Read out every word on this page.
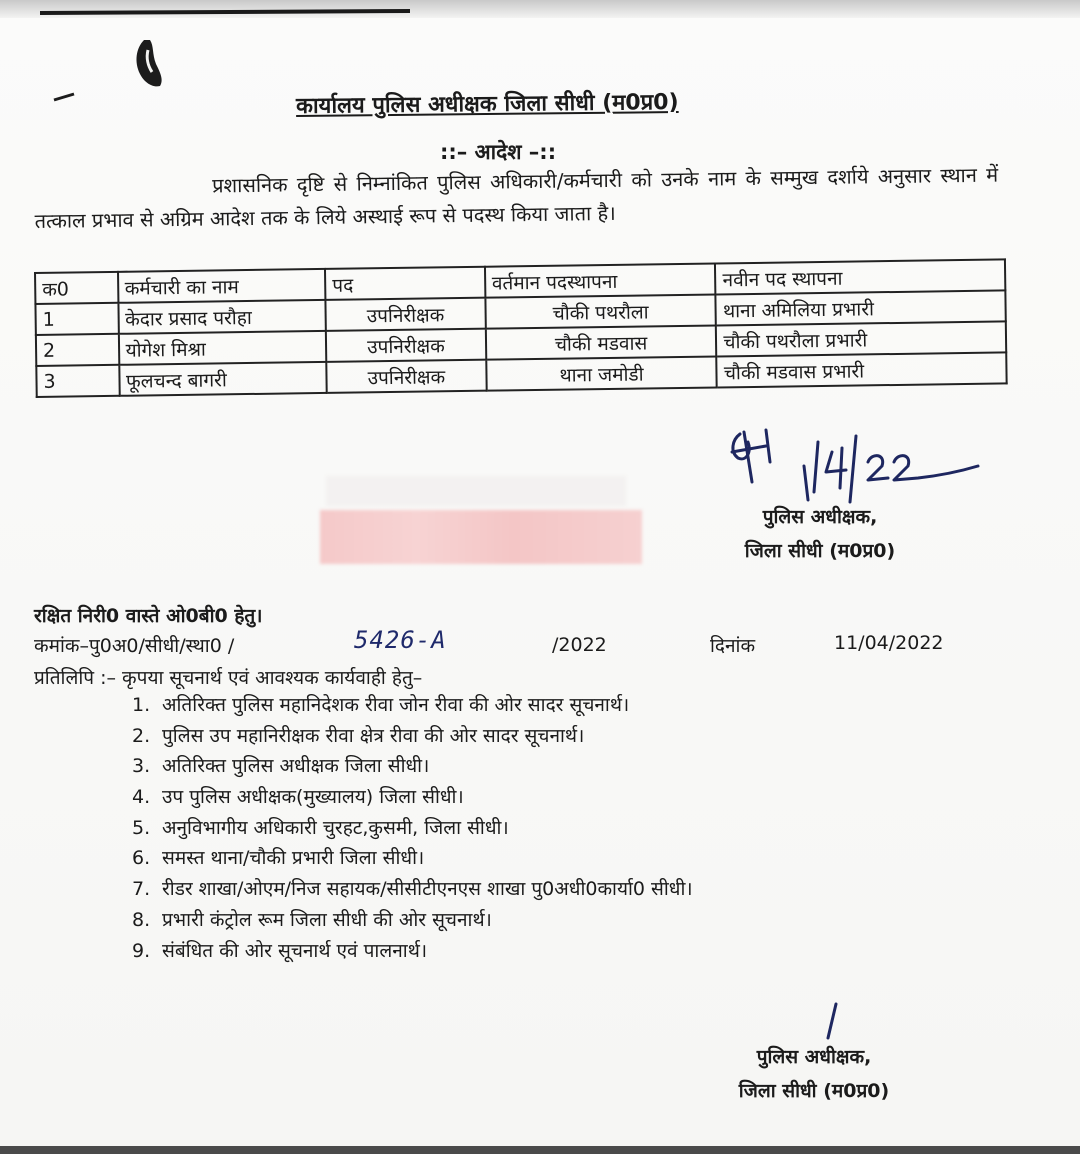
कार्यालय पुलिस अधीक्षक जिला सीधी (म0प्र0)
::– आदेश –::
प्रशासनिक दृष्टि से निम्नांकित पुलिस अधिकारी/कर्मचारी को उनके नाम के सम्मुख दर्शाये अनुसार स्थान में तत्काल प्रभाव से अग्रिम आदेश तक के लिये अस्थाई रूप से पदस्थ किया जाता है।
क0	कर्मचारी का नाम	पद	वर्तमान पदस्थापना	नवीन पद स्थापना
1	केदार प्रसाद परौहा	उपनिरीक्षक	चौकी पथरौला	थाना अमिलिया प्रभारी
2	योगेश मिश्रा	उपनिरीक्षक	चौकी मडवास	चौकी पथरौला प्रभारी
3	फूलचन्द बागरी	उपनिरीक्षक	थाना जमोडी	चौकी मडवास प्रभारी
पुलिस अधीक्षक,
जिला सीधी (म0प्र0)
रक्षित निरी0 वास्ते ओ0बी0 हेतु।
कमांक–पु0अ0/सीधी/स्था0 /	5426-A	/2022	दिनांक	11/04/2022
प्रतिलिपि :– कृपया सूचनार्थ एवं आवश्यक कार्यवाही हेतु–
1. अतिरिक्त पुलिस महानिदेशक रीवा जोन रीवा की ओर सादर सूचनार्थ।
2. पुलिस उप महानिरीक्षक रीवा क्षेत्र रीवा की ओर सादर सूचनार्थ।
3. अतिरिक्त पुलिस अधीक्षक जिला सीधी।
4. उप पुलिस अधीक्षक(मुख्यालय) जिला सीधी।
5. अनुविभागीय अधिकारी चुरहट,कुसमी, जिला सीधी।
6. समस्त थाना/चौकी प्रभारी जिला सीधी।
7. रीडर शाखा/ओएम/निज सहायक/सीसीटीएनएस शाखा पु0अधी0कार्या0 सीधी।
8. प्रभारी कंट्रोल रूम जिला सीधी की ओर सूचनार्थ।
9. संबंधित की ओर सूचनार्थ एवं पालनार्थ।
पुलिस अधीक्षक,
जिला सीधी (म0प्र0)
